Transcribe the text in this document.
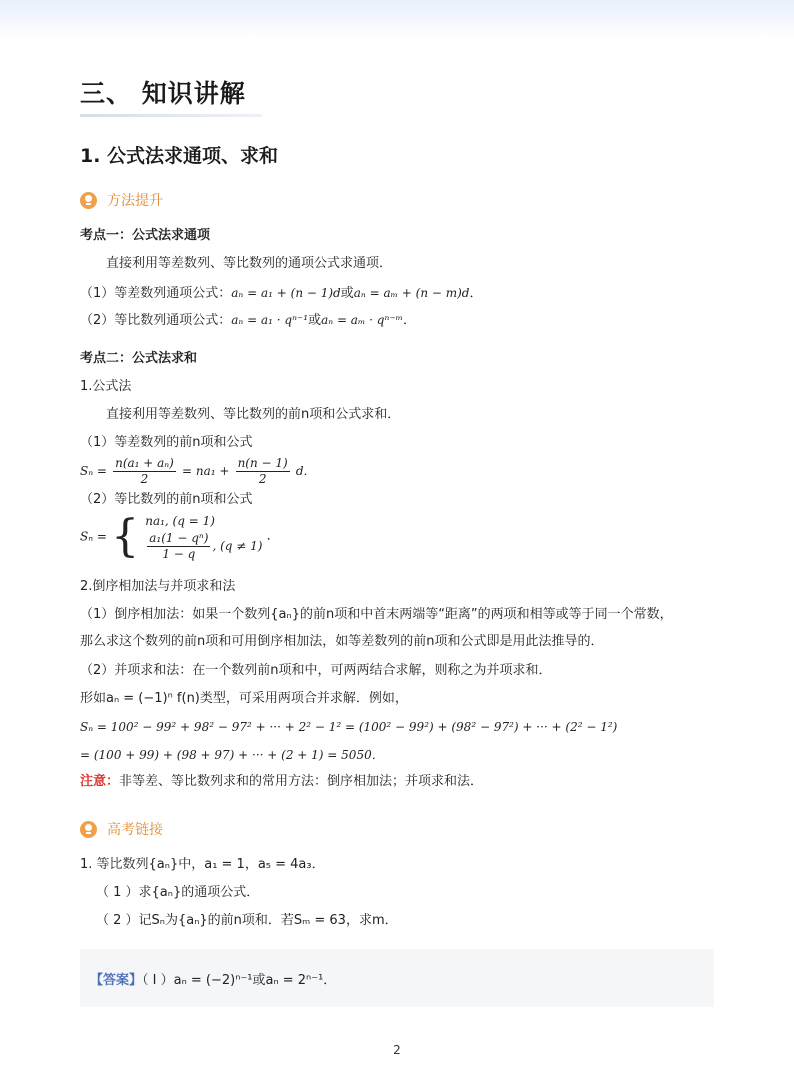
三、 知识讲解
1. 公式法求通项、求和
方法提升
考点一：公式法求通项
直接利用等差数列、等比数列的通项公式求通项．
（1）等差数列通项公式：aₙ = a₁ + (n − 1)d或aₙ = aₘ + (n − m)d．
（2）等比数列通项公式：aₙ = a₁ · qⁿ⁻¹或aₙ = aₘ · qⁿ⁻ᵐ．
考点二：公式法求和
1.公式法
直接利用等差数列、等比数列的前n项和公式求和．
（1）等差数列的前n项和公式
$S_n = \frac{\text{n(a₁ + aₙ)}}{2} = na_1 + \frac{n(n - 1)}{2}$ d．
（2）等比数列的前n项和公式
Sₙ = { na₁, (q = 1)
$\frac{\text{a₁(1 − qⁿ)}}{1 - q}$ , (q ≠ 1)
．
2.倒序相加法与并项求和法
（1）倒序相加法：如果一个数列{aₙ}的前n项和中首末两端等“距离”的两项和相等或等于同一个常数，
那么求这个数列的前n项和可用倒序相加法，如等差数列的前n项和公式即是用此法推导的．
（2）并项求和法：在一个数列前n项和中，可两两结合求解，则称之为并项求和．
形如aₙ = (−1)ⁿ f(n)类型，可采用两项合并求解．例如，
Sₙ = 100² − 99² + 98² − 97² + ··· + 2² − 1² = (100² − 99²) + (98² − 97²) + ··· + (2² − 1²)
= (100 + 99) + (98 + 97) + ··· + (2 + 1) = 5050．
注意：非等差、等比数列求和的常用方法：倒序相加法；并项求和法．
高考链接
1. 等比数列{aₙ}中，a₁ = 1，a₅ = 4a₃．
（ 1 ）求{aₙ}的通项公式．
（ 2 ）记Sₙ为{aₙ}的前n项和．若Sₘ = 63，求m．
【答案】（ Ⅰ ）aₙ = (−2)ⁿ⁻¹或aₙ = 2ⁿ⁻¹．
2
